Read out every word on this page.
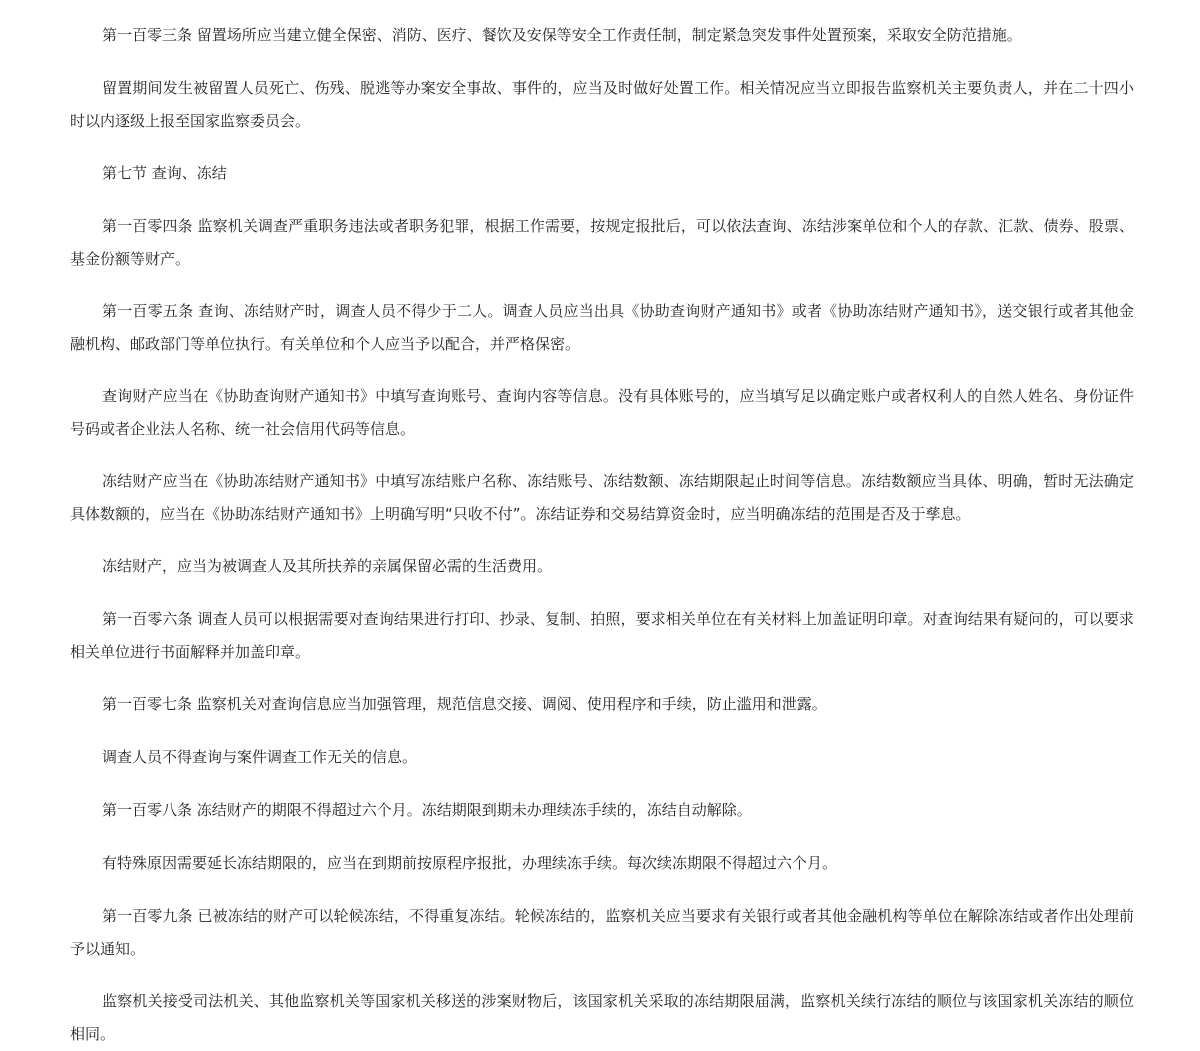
第一百零三条 留置场所应当建立健全保密、消防、医疗、餐饮及安保等安全工作责任制，制定紧急突发事件处置预案，采取安全防范措施。

留置期间发生被留置人员死亡、伤残、脱逃等办案安全事故、事件的，应当及时做好处置工作。相关情况应当立即报告监察机关主要负责人，并在二十四小时以内逐级上报至国家监察委员会。

第七节 查询、冻结

第一百零四条 监察机关调查严重职务违法或者职务犯罪，根据工作需要，按规定报批后，可以依法查询、冻结涉案单位和个人的存款、汇款、债券、股票、基金份额等财产。

第一百零五条 查询、冻结财产时，调查人员不得少于二人。调查人员应当出具《协助查询财产通知书》或者《协助冻结财产通知书》，送交银行或者其他金融机构、邮政部门等单位执行。有关单位和个人应当予以配合，并严格保密。

查询财产应当在《协助查询财产通知书》中填写查询账号、查询内容等信息。没有具体账号的，应当填写足以确定账户或者权利人的自然人姓名、身份证件号码或者企业法人名称、统一社会信用代码等信息。

冻结财产应当在《协助冻结财产通知书》中填写冻结账户名称、冻结账号、冻结数额、冻结期限起止时间等信息。冻结数额应当具体、明确，暂时无法确定具体数额的，应当在《协助冻结财产通知书》上明确写明“只收不付”。冻结证券和交易结算资金时，应当明确冻结的范围是否及于孳息。

冻结财产，应当为被调查人及其所扶养的亲属保留必需的生活费用。

第一百零六条 调查人员可以根据需要对查询结果进行打印、抄录、复制、拍照，要求相关单位在有关材料上加盖证明印章。对查询结果有疑问的，可以要求相关单位进行书面解释并加盖印章。

第一百零七条 监察机关对查询信息应当加强管理，规范信息交接、调阅、使用程序和手续，防止滥用和泄露。

调查人员不得查询与案件调查工作无关的信息。

第一百零八条 冻结财产的期限不得超过六个月。冻结期限到期未办理续冻手续的，冻结自动解除。

有特殊原因需要延长冻结期限的，应当在到期前按原程序报批，办理续冻手续。每次续冻期限不得超过六个月。

第一百零九条 已被冻结的财产可以轮候冻结，不得重复冻结。轮候冻结的，监察机关应当要求有关银行或者其他金融机构等单位在解除冻结或者作出处理前予以通知。

监察机关接受司法机关、其他监察机关等国家机关移送的涉案财物后，该国家机关采取的冻结期限届满，监察机关续行冻结的顺位与该国家机关冻结的顺位相同。
